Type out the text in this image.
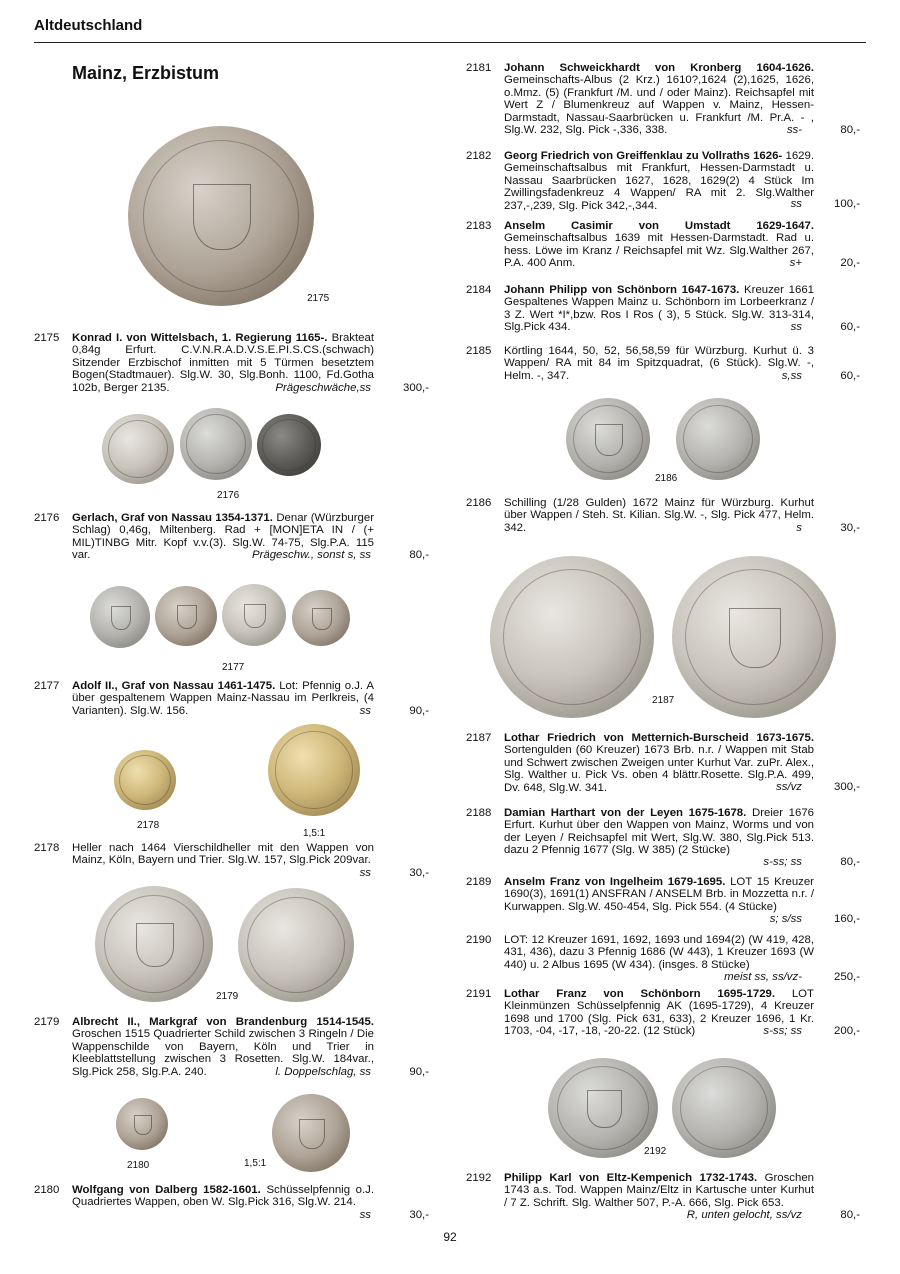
Altdeutschland
Mainz, Erzbistum
2175
2176
2177
2178
1,5:1
2179
2180	1,5:1
2186
2187
2192
2175 Konrad I. von Wittelsbach, 1. Regierung 1165-. Brakteat 0,84g Erfurt. C.V.N.R.A.D.V.S.E.PI.S.CS.(schwach) Sitzender Erzbischof inmitten mit 5 Türmen besetztem Bogen(Stadtmauer). Slg.W. 30, Slg.Bonh. 1100, Fd.Gotha 102b, Berger 2135.	Prägeschwäche,ss	300,-
2176 Gerlach, Graf von Nassau 1354-1371. Denar (Würzburger Schlag) 0,46g, Miltenberg. Rad + [MON]ETA IN / (+ MIL)TINBG Mitr. Kopf v.v.(3). Slg.W. 74-75, Slg.P.A. 115 var.	Prägeschw., sonst s, ss	80,-
2177 Adolf II., Graf von Nassau 1461-1475. Lot: Pfennig o.J. A über gespaltenem Wappen Mainz-Nassau im Perlkreis, (4 Varianten). Slg.W. 156.	ss	90,-
2178 Heller nach 1464 Vierschildheller mit den Wappen von Mainz, Köln, Bayern und Trier. Slg.W. 157, Slg.Pick 209var.
ss	30,-
2179 Albrecht II., Markgraf von Brandenburg 1514-1545. Groschen 1515 Quadrierter Schild zwischen 3 Ringeln / Die Wappenschilde von Bayern, Köln und Trier in Kleeblattstellung zwischen 3 Rosetten. Slg.W. 184var., Slg.Pick 258, Slg.P.A. 240.	l. Doppelschlag, ss	90,-
2180 Wolfgang von Dalberg 1582-1601. Schüsselpfennig o.J. Quadriertes Wappen, oben W. Slg.Pick 316, Slg.W. 214.
ss	30,-
2181 Johann Schweickhardt von Kronberg 1604-1626. Gemeinschafts-Albus (2 Krz.) 1610?,1624 (2),1625, 1626, o.Mmz. (5) (Frankfurt /M. und / oder Mainz). Reichsapfel mit Wert Z / Blumenkreuz auf Wappen v. Mainz, Hessen-Darmstadt, Nassau-Saarbrücken u. Frankfurt /M. Pr.A. - , Slg.W. 232, Slg. Pick -,336, 338.	ss-	80,-
2182 Georg Friedrich von Greiffenklau zu Vollraths 1626- 1629. Gemeinschaftsalbus mit Frankfurt, Hessen-Darmstadt u. Nassau Saarbrücken 1627, 1628, 1629(2) 4 Stück Im Zwillingsfadenkreuz 4 Wappen/ RA mit 2. Slg.Walther 237,-,239, Slg. Pick 342,-,344.	ss	100,-
2183 Anselm Casimir von Umstadt 1629-1647. Gemeinschaftsalbus 1639 mit Hessen-Darmstadt. Rad u. hess. Löwe im Kranz / Reichsapfel mit Wz. Slg.Walther 267, P.A. 400 Anm.	s+	20,-
2184 Johann Philipp von Schönborn 1647-1673. Kreuzer 1661 Gespaltenes Wappen Mainz u. Schönborn im Lorbeerkranz / 3 Z. Wert *I*,bzw. Ros I Ros ( 3), 5 Stück. Slg.W. 313-314, Slg.Pick 434.	ss	60,-
2185 Körtling 1644, 50, 52, 56,58,59 für Würzburg. Kurhut ü. 3 Wappen/ RA mit 84 im Spitzquadrat, (6 Stück). Slg.W. -, Helm. -, 347.	s,ss	60,-
2186 Schilling (1/28 Gulden) 1672 Mainz für Würzburg. Kurhut über Wappen / Steh. St. Kilian. Slg.W. -, Slg. Pick 477, Helm. 342.	s	30,-
2187 Lothar Friedrich von Metternich-Burscheid 1673-1675. Sortengulden (60 Kreuzer) 1673 Brb. n.r. / Wappen mit Stab und Schwert zwischen Zweigen unter Kurhut Var. zuPr. Alex., Slg. Walther u. Pick Vs. oben 4 blättr.Rosette. Slg.P.A. 499, Dv. 648, Slg.W. 341.	ss/vz	300,-
2188 Damian Harthart von der Leyen 1675-1678. Dreier 1676 Erfurt. Kurhut über den Wappen von Mainz, Worms und von der Leyen / Reichsapfel mit Wert, Slg.W. 380, Slg.Pick 513. dazu 2 Pfennig 1677 (Slg. W 385) (2 Stücke)
s-ss; ss	80,-
2189 Anselm Franz von Ingelheim 1679-1695. LOT 15 Kreuzer 1690(3), 1691(1) ANSFRAN / ANSELM Brb. in Mozzetta n.r. / Kurwappen. Slg.W. 450-454, Slg. Pick 554. (4 Stücke)
s; s/ss	160,-
2190 LOT: 12 Kreuzer 1691, 1692, 1693 und 1694(2) (W 419, 428, 431, 436), dazu 3 Pfennig 1686 (W 443), 1 Kreuzer 1693 (W 440) u. 2 Albus 1695 (W 434). (insges. 8 Stücke)
meist ss, ss/vz-	250,-
2191 Lothar Franz von Schönborn 1695-1729. LOT Kleinmünzen Schüsselpfennig AK (1695-1729), 4 Kreuzer 1698 und 1700 (Slg. Pick 631, 633), 2 Kreuzer 1696, 1 Kr. 1703, -04, -17, -18, -20-22. (12 Stück)	s-ss; ss	200,-
2192 Philipp Karl von Eltz-Kempenich 1732-1743. Groschen 1743 a.s. Tod. Wappen Mainz/Eltz in Kartusche unter Kurhut / 7 Z. Schrift. Slg. Walther 507, P.-A. 666, Slg. Pick 653.
R, unten gelocht, ss/vz	80,-
92
